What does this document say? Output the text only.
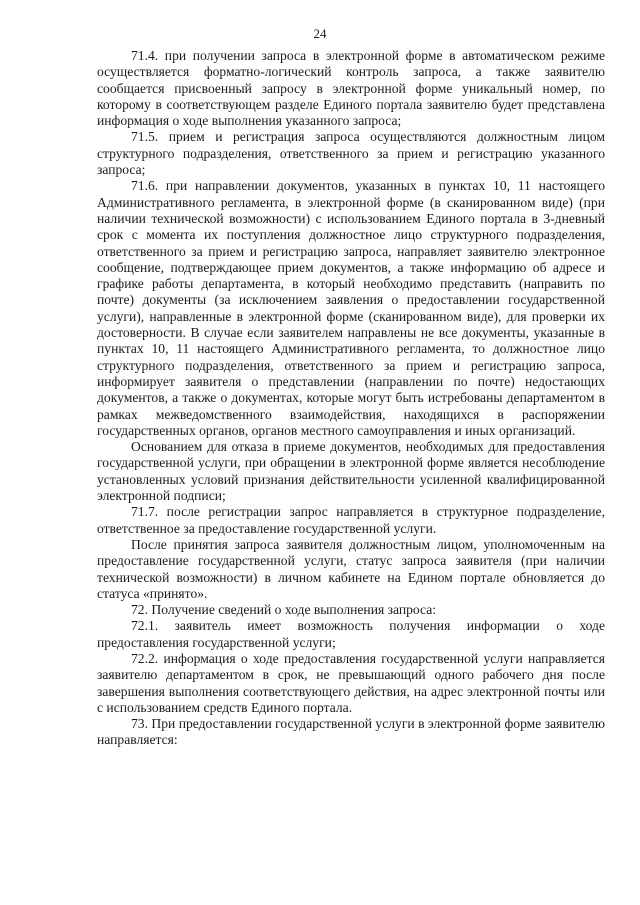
24

71.4. при получении запроса в электронной форме в автоматическом режиме осуществляется форматно-логический контроль запроса, а также заявителю сообщается присвоенный запросу в электронной форме уникальный номер, по которому в соответствующем разделе Единого портала заявителю будет представлена информация о ходе выполнения указанного запроса;

71.5. прием и регистрация запроса осуществляются должностным лицом структурного подразделения, ответственного за прием и регистрацию указанного запроса;

71.6. при направлении документов, указанных в пунктах 10, 11 настоящего Административного регламента, в электронной форме (в сканированном виде) (при наличии технической возможности) с использованием Единого портала в 3-дневный срок с момента их поступления должностное лицо структурного подразделения, ответственного за прием и регистрацию запроса, направляет заявителю электронное сообщение, подтверждающее прием документов, а также информацию об адресе и графике работы департамента, в который необходимо представить (направить по почте) документы (за исключением заявления о предоставлении государственной услуги), направленные в электронной форме (сканированном виде), для проверки их достоверности. В случае если заявителем направлены не все документы, указанные в пунктах 10, 11 настоящего Административного регламента, то должностное лицо структурного подразделения, ответственного за прием и регистрацию запроса, информирует заявителя о представлении (направлении по почте) недостающих документов, а также о документах, которые могут быть истребованы департаментом в рамках межведомственного взаимодействия, находящихся в распоряжении государственных органов, органов местного самоуправления и иных организаций.

Основанием для отказа в приеме документов, необходимых для предоставления государственной услуги, при обращении в электронной форме является несоблюдение установленных условий признания действительности усиленной квалифицированной электронной подписи;

71.7. после регистрации запрос направляется в структурное подразделение, ответственное за предоставление государственной услуги.

После принятия запроса заявителя должностным лицом, уполномоченным на предоставление государственной услуги, статус запроса заявителя (при наличии технической возможности) в личном кабинете на Едином портале обновляется до статуса «принято».

72. Получение сведений о ходе выполнения запроса:

72.1. заявитель имеет возможность получения информации о ходе предоставления государственной услуги;

72.2. информация о ходе предоставления государственной услуги направляется заявителю департаментом в срок, не превышающий одного рабочего дня после завершения выполнения соответствующего действия, на адрес электронной почты или с использованием средств Единого портала.

73. При предоставлении государственной услуги в электронной форме заявителю направляется:
